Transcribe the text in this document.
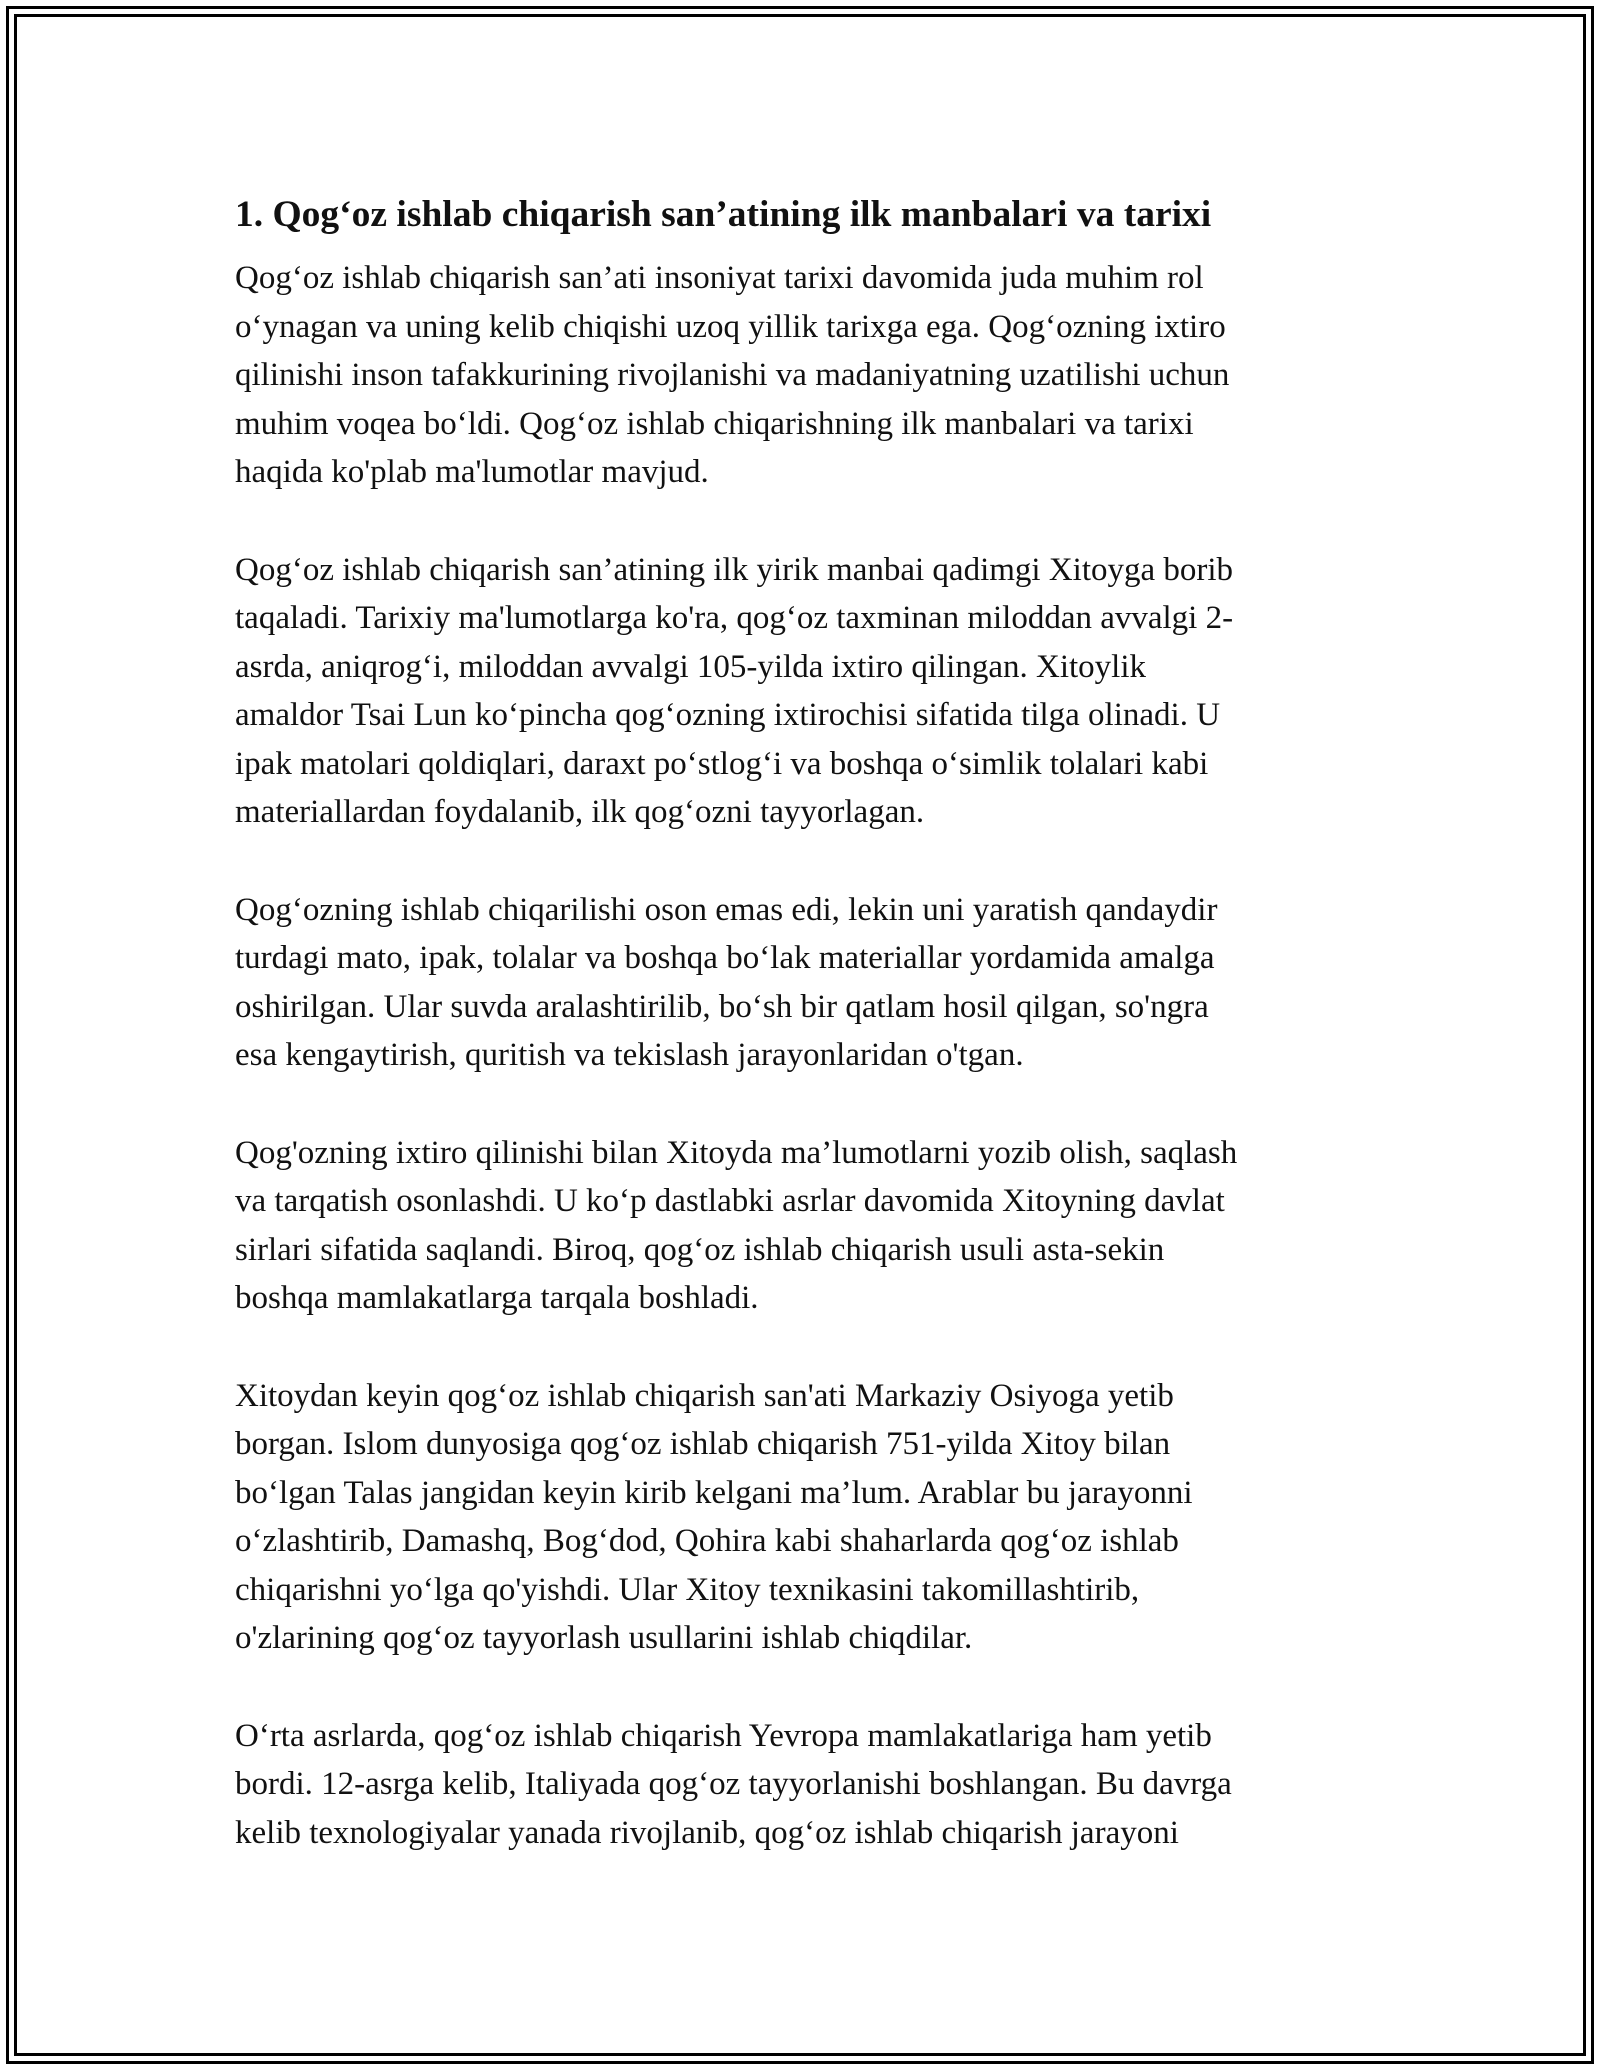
1. Qog‘oz ishlab chiqarish san’atining ilk manbalari va tarixi
Qog‘oz ishlab chiqarish san’ati insoniyat tarixi davomida juda muhim rol
o‘ynagan va uning kelib chiqishi uzoq yillik tarixga ega. Qog‘ozning ixtiro
qilinishi inson tafakkurining rivojlanishi va madaniyatning uzatilishi uchun
muhim voqea bo‘ldi. Qog‘oz ishlab chiqarishning ilk manbalari va tarixi
haqida ko'plab ma'lumotlar mavjud.
Qog‘oz ishlab chiqarish san’atining ilk yirik manbai qadimgi Xitoyga borib
taqaladi. Tarixiy ma'lumotlarga ko'ra, qog‘oz taxminan miloddan avvalgi 2-
asrda, aniqrog‘i, miloddan avvalgi 105-yilda ixtiro qilingan. Xitoylik
amaldor Tsai Lun ko‘pincha qog‘ozning ixtirochisi sifatida tilga olinadi. U
ipak matolari qoldiqlari, daraxt po‘stlog‘i va boshqa o‘simlik tolalari kabi
materiallardan foydalanib, ilk qog‘ozni tayyorlagan.
Qog‘ozning ishlab chiqarilishi oson emas edi, lekin uni yaratish qandaydir
turdagi mato, ipak, tolalar va boshqa bo‘lak materiallar yordamida amalga
oshirilgan. Ular suvda aralashtirilib, bo‘sh bir qatlam hosil qilgan, so'ngra
esa kengaytirish, quritish va tekislash jarayonlaridan o'tgan.
Qog'ozning ixtiro qilinishi bilan Xitoyda ma’lumotlarni yozib olish, saqlash
va tarqatish osonlashdi. U ko‘p dastlabki asrlar davomida Xitoyning davlat
sirlari sifatida saqlandi. Biroq, qog‘oz ishlab chiqarish usuli asta-sekin
boshqa mamlakatlarga tarqala boshladi.
Xitoydan keyin qog‘oz ishlab chiqarish san'ati Markaziy Osiyoga yetib
borgan. Islom dunyosiga qog‘oz ishlab chiqarish 751-yilda Xitoy bilan
bo‘lgan Talas jangidan keyin kirib kelgani ma’lum. Arablar bu jarayonni
o‘zlashtirib, Damashq, Bog‘dod, Qohira kabi shaharlarda qog‘oz ishlab
chiqarishni yo‘lga qo'yishdi. Ular Xitoy texnikasini takomillashtirib,
o'zlarining qog‘oz tayyorlash usullarini ishlab chiqdilar.
O‘rta asrlarda, qog‘oz ishlab chiqarish Yevropa mamlakatlariga ham yetib
bordi. 12-asrga kelib, Italiyada qog‘oz tayyorlanishi boshlangan. Bu davrga
kelib texnologiyalar yanada rivojlanib, qog‘oz ishlab chiqarish jarayoni
